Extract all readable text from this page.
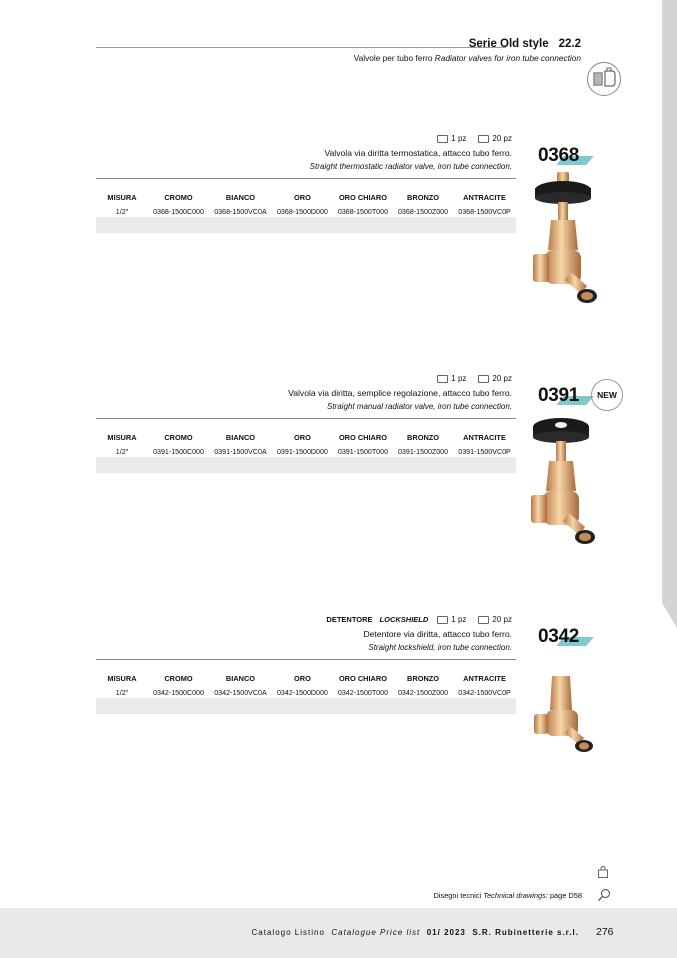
Serie Old style 22.2
Valvole per tubo ferro Radiator valves for iron tube connection
1 pz	20 pz
Valvola via diritta termostatica, attacco tubo ferro.
Straight thermostatic radiator valve, iron tube connection.
MISURA	CROMO	BIANCO	ORO	ORO CHIARO	BRONZO	ANTRACITE
1/2"	0368-1500C000	0368-1500VC0A	0368-1500D000	0368-1500T000	0368-1500Z000	0368-1500VC0P
0368
1 pz	20 pz
Valvola via diritta, semplice regolazione, attacco tubo ferro.
Straight manual radiator valve, iron tube connection.
MISURA	CROMO	BIANCO	ORO	ORO CHIARO	BRONZO	ANTRACITE
1/2"	0391-1500C000	0391-1500VC0A	0391-1500D000	0391-1500T000	0391-1500Z000	0391-1500VC0P
0391	NEW
DETENTORE LOCKSHIELD	1 pz	20 pz
Detentore via diritta, attacco tubo ferro.
Straight lockshield, iron tube connection.
MISURA	CROMO	BIANCO	ORO	ORO CHIARO	BRONZO	ANTRACITE
1/2"	0342-1500C000	0342-1500VC0A	0342-1500D000	0342-1500T000	0342-1500Z000	0342-1500VC0P
0342
Disegni tecnici Technical drawings: page D58
Catalogo Listino Catalogue Price list 01/ 2023 S.R. Rubinetterie s.r.l. 276
